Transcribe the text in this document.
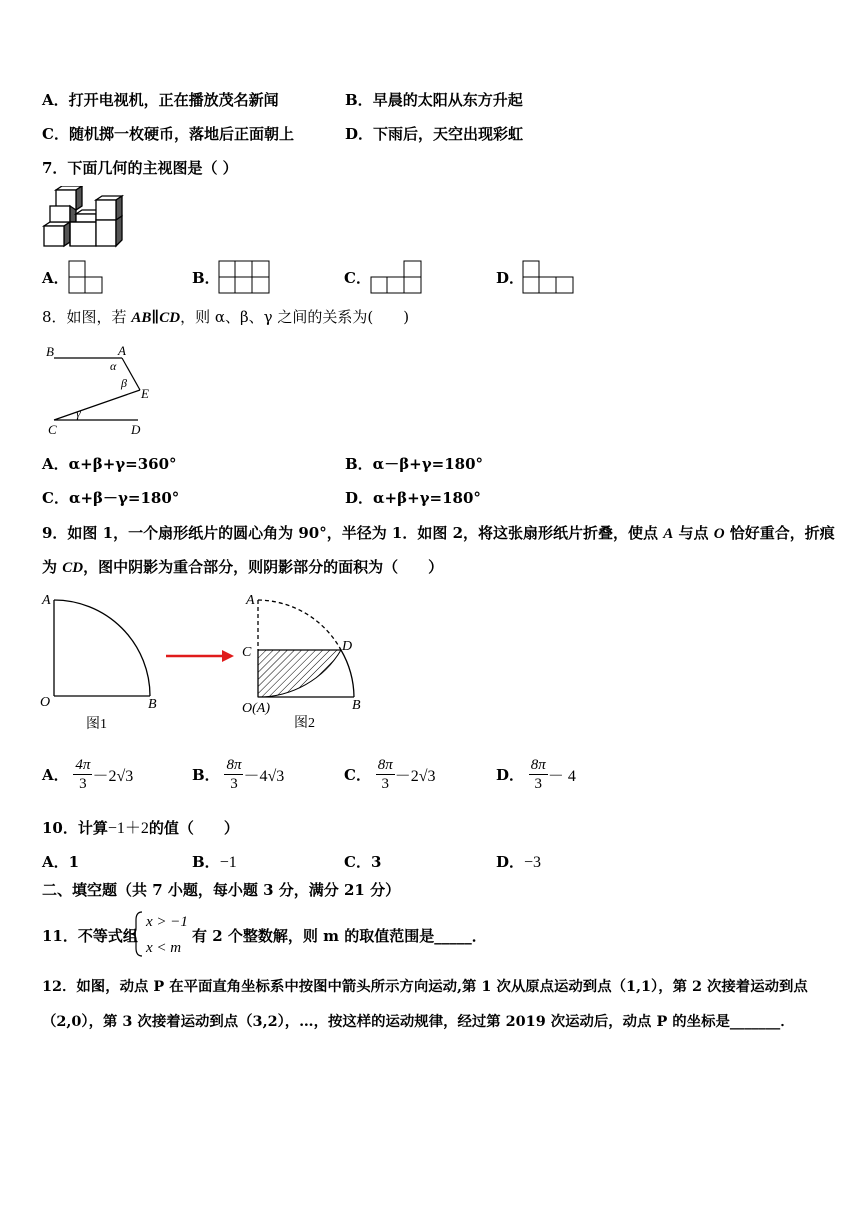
A．打开电视机，正在播放茂名新闻	B．早晨的太阳从东方升起
C．随机掷一枚硬币，落地后正面朝上	D．下雨后，天空出现彩虹
7．下面几何的主视图是（ ）
A．	B．	C．	D．
8．如图，若 AB∥CD，则 α、β、γ 之间的关系为(　　)
B	A
α
β
E
γ
C	D
A．α+β+γ=360°	B．α－β+γ=180°
C．α+β－γ=180°	D．α+β+γ=180°
9．如图 1，一个扇形纸片的圆心角为 90°，半径为 1．如图 2，将这张扇形纸片折叠，使点 A 与点 O 恰好重合，折痕
为 CD，图中阴影为重合部分，则阴影部分的面积为（　　）
A
O	B
图1
A
C	D
O(A)	B
图2
A． $\frac{4\pi}{3} -2√3$	B． $\frac{8\pi}{3} -4√3$	C． $\frac{8\pi}{3} -2√3$	D． $\frac{8\pi}{3} - 4$
10．计算−1＋2的值（　　）
A．1	B．−1	C．3	D．−3
二、填空题（共 7 小题，每小题 3 分，满分 21 分）
11．不等式组
x > −1
x < m
有 2 个整数解，则 m 的取值范围是_____．
12．如图，动点 P 在平面直角坐标系中按图中箭头所示方向运动,第 1 次从原点运动到点（1,1），第 2 次接着运动到点
（2,0），第 3 次接着运动到点（3,2），…，按这样的运动规律，经过第 2019 次运动后，动点 P 的坐标是_______．
